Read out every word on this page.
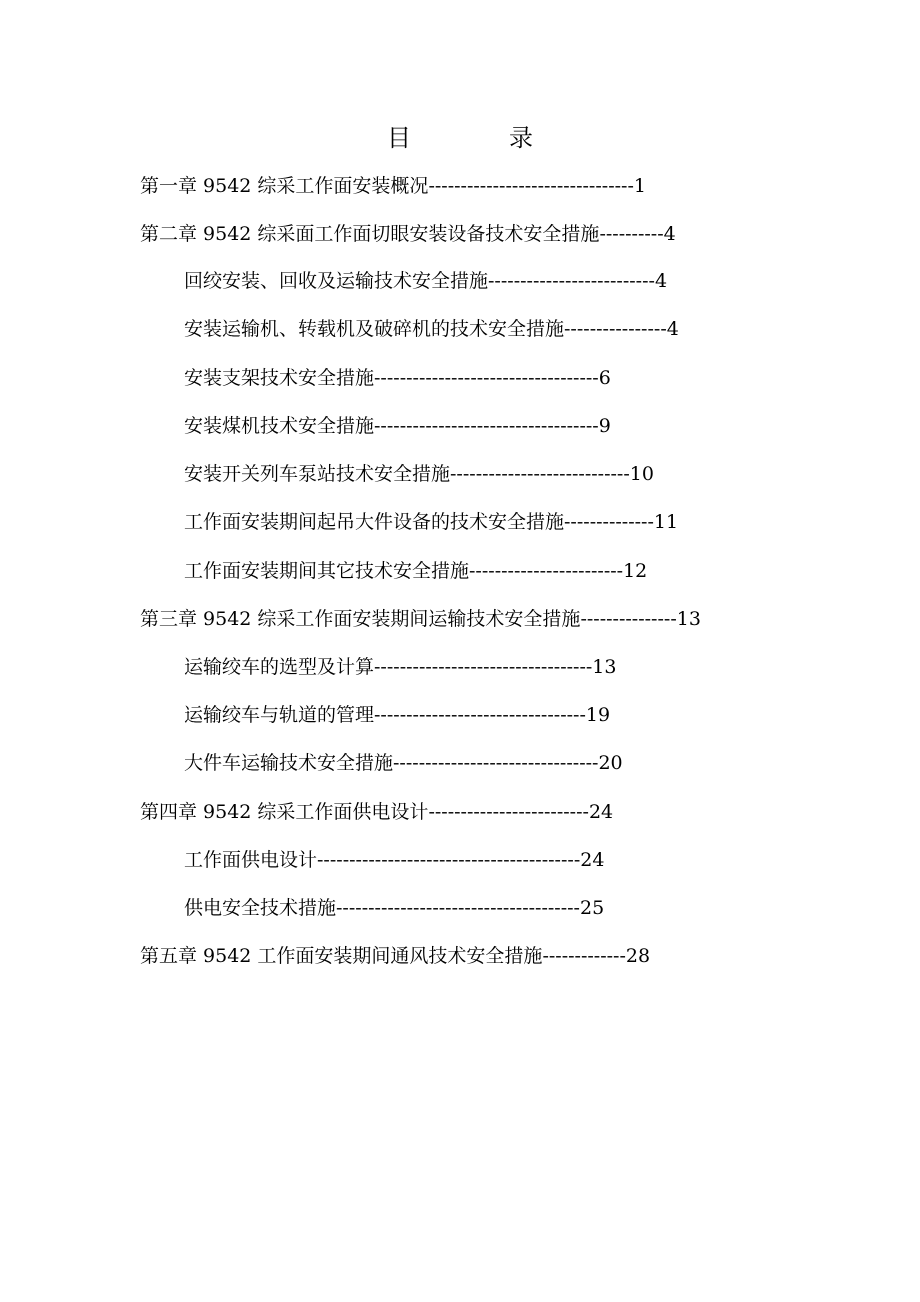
目	录
第一章 9542 综采工作面安装概况--------------------------------1
第二章 9542 综采面工作面切眼安装设备技术安全措施----------4
回绞安装、回收及运输技术安全措施--------------------------4
安装运输机、转载机及破碎机的技术安全措施----------------4
安装支架技术安全措施-----------------------------------6
安装煤机技术安全措施-----------------------------------9
安装开关列车泵站技术安全措施----------------------------10
工作面安装期间起吊大件设备的技术安全措施--------------11
工作面安装期间其它技术安全措施------------------------12
第三章 9542 综采工作面安装期间运输技术安全措施---------------13
运输绞车的选型及计算----------------------------------13
运输绞车与轨道的管理---------------------------------19
大件车运输技术安全措施--------------------------------20
第四章 9542 综采工作面供电设计-------------------------24
工作面供电设计-----------------------------------------24
供电安全技术措施--------------------------------------25
第五章 9542 工作面安装期间通风技术安全措施-------------28
